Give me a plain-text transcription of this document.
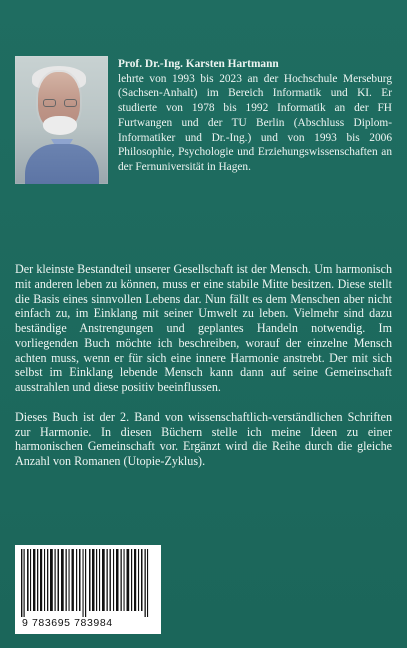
Prof. Dr.-Ing. Karsten Hartmann
lehrte von 1993 bis 2023 an der Hochschule Merseburg (Sachsen-Anhalt) im Bereich Informatik und KI. Er studierte von 1978 bis 1992 Informatik an der FH Furtwangen und der TU Berlin (Abschluss Diplom-Informatiker und Dr.-Ing.) und von 1993 bis 2006 Philosophie, Psychologie und Erziehungswissenschaften an der Fernuniversität in Hagen.

Der kleinste Bestandteil unserer Gesellschaft ist der Mensch. Um harmonisch mit anderen leben zu können, muss er eine stabile Mitte besitzen. Diese stellt die Basis eines sinnvollen Lebens dar. Nun fällt es dem Menschen aber nicht einfach zu, im Einklang mit seiner Umwelt zu leben. Vielmehr sind dazu beständige Anstrengungen und geplantes Handeln notwendig. Im vorliegenden Buch möchte ich beschreiben, worauf der einzelne Mensch achten muss, wenn er für sich eine innere Harmonie anstrebt. Der mit sich selbst im Einklang lebende Mensch kann dann auf seine Gemeinschaft ausstrahlen und diese positiv beeinflussen.

Dieses Buch ist der 2. Band von wissenschaftlich-verständlichen Schriften zur Harmonie. In diesen Büchern stelle ich meine Ideen zu einer harmonischen Gemeinschaft vor. Ergänzt wird die Reihe durch die gleiche Anzahl von Romanen (Utopie-Zyklus).

9 783695 783984
